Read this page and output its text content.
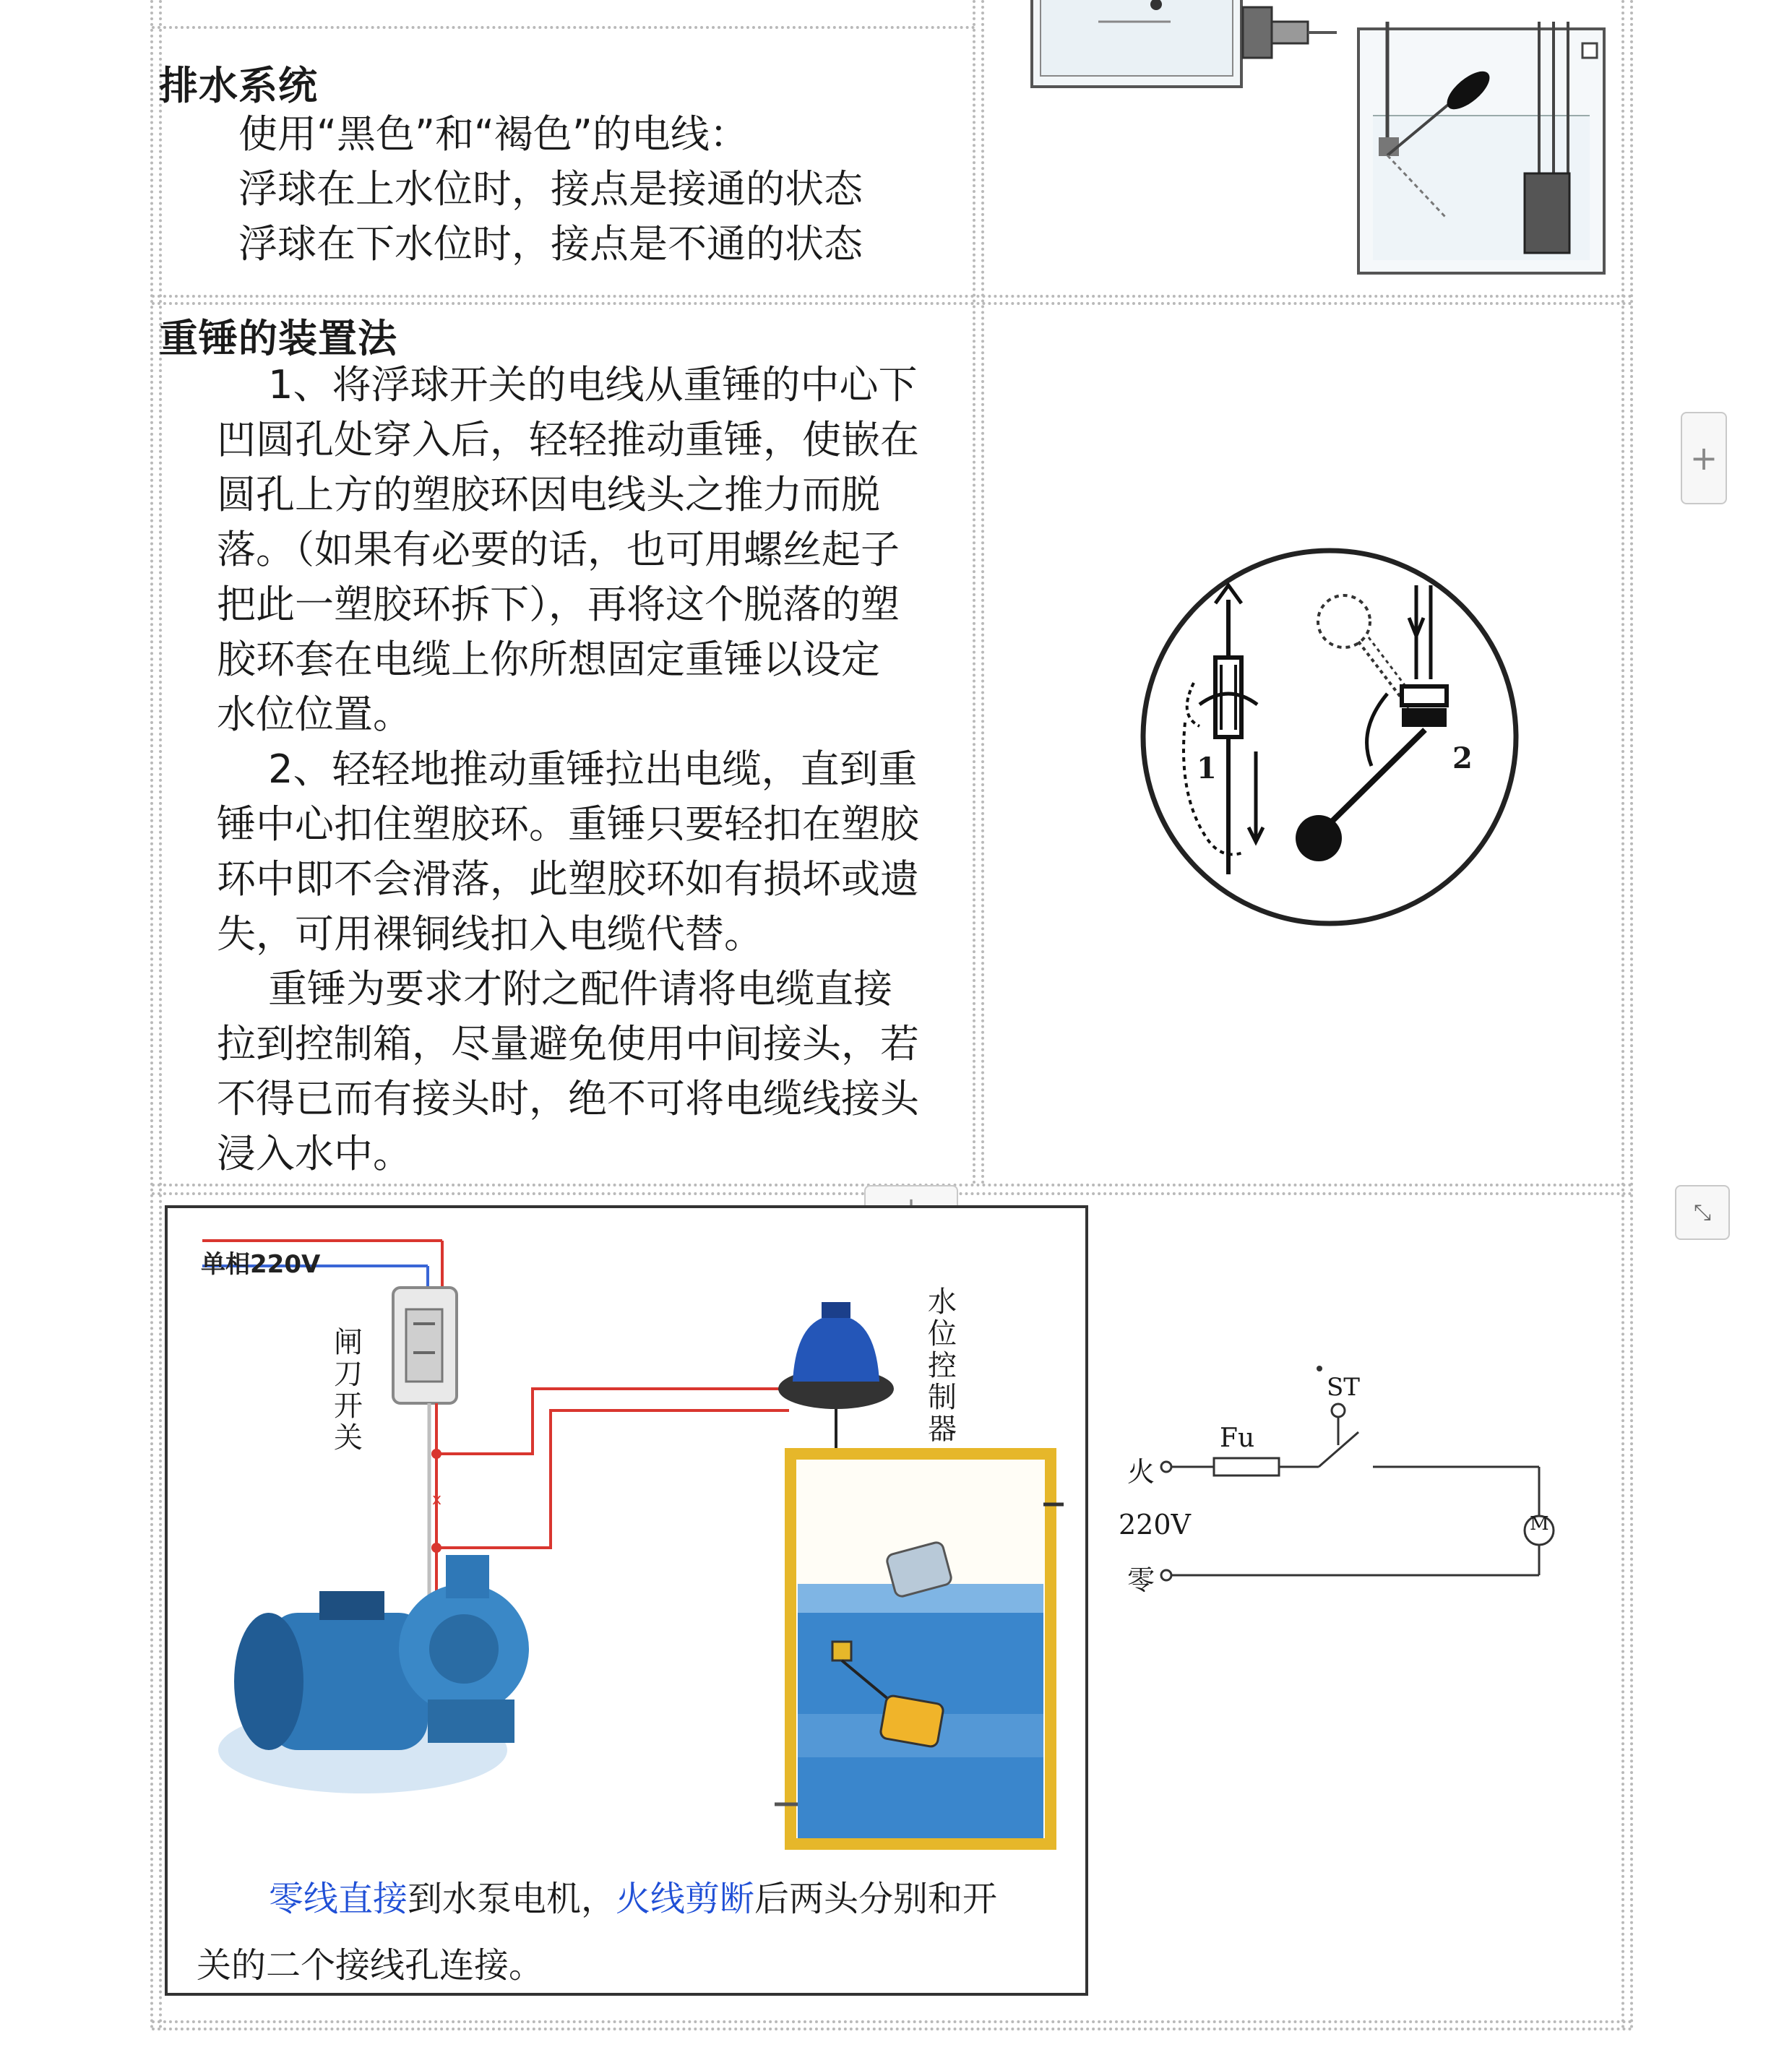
排水系统
使用“黑色”和“褐色”的电线：
浮球在上水位时，接点是接通的状态
浮球在下水位时，接点是不通的状态
重锤的装置法
　 1、将浮球开关的电线从重锤的中心下
凹圆孔处穿入后，轻轻推动重锤，使嵌在
圆孔上方的塑胶环因电线头之推力而脱
落。（如果有必要的话，也可用螺丝起子
把此一塑胶环拆下），再将这个脱落的塑
胶环套在电缆上你所想固定重锤以设定
水位位置。
　 2、轻轻地推动重锤拉出电缆，直到重
锤中心扣住塑胶环。重锤只要轻扣在塑胶
环中即不会滑落，此塑胶环如有损坏或遗
失，可用裸铜线扣入电缆代替。
　 重锤为要求才附之配件请将电缆直接
拉到控制箱，尽量避免使用中间接头，若
不得已而有接头时，绝不可将电缆线接头
浸入水中。
1	2
+
⤡
x
单相220V
闸
刀
开
关
水
位
控
制
器
零线直接到水泵电机，火线剪断后两头分别和开
关的二个接线孔连接。
火
220V
零
Fu
ST
M
